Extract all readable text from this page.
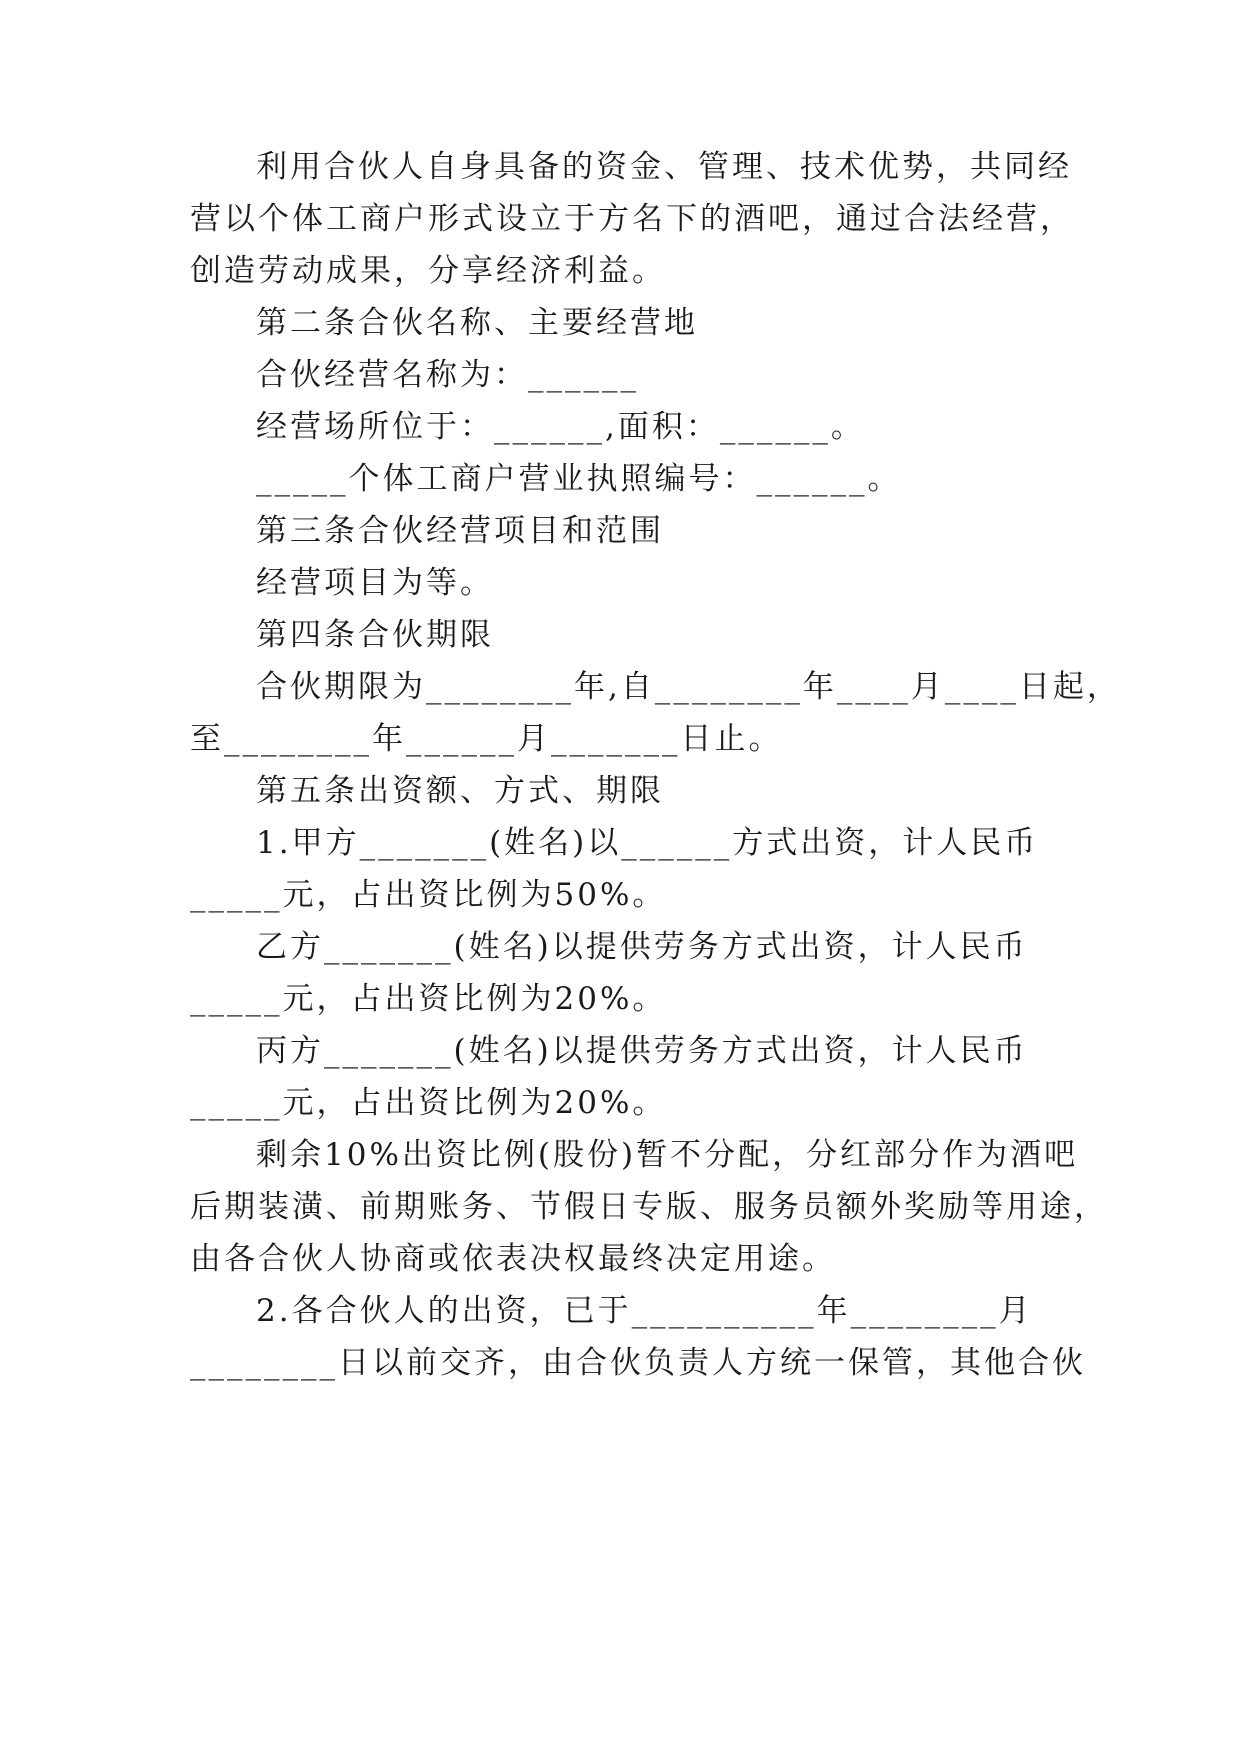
利用合伙人自身具备的资金、管理、技术优势，共同经
营以个体工商户形式设立于方名下的酒吧，通过合法经营，
创造劳动成果，分享经济利益。
第二条合伙名称、主要经营地
合伙经营名称为：______
经营场所位于：______,面积：______。
_____个体工商户营业执照编号：______。
第三条合伙经营项目和范围
经营项目为等。
第四条合伙期限
合伙期限为________年,自________年____月____日起，
至________年______月_______日止。
第五条出资额、方式、期限
1.甲方_______(姓名)以______方式出资，计人民币
_____元，占出资比例为50%。
乙方_______(姓名)以提供劳务方式出资，计人民币
_____元，占出资比例为20%。
丙方_______(姓名)以提供劳务方式出资，计人民币
_____元，占出资比例为20%。
剩余10%出资比例(股份)暂不分配，分红部分作为酒吧
后期装潢、前期账务、节假日专版、服务员额外奖励等用途，
由各合伙人协商或依表决权最终决定用途。
2.各合伙人的出资，已于__________年________月
________日以前交齐，由合伙负责人方统一保管，其他合伙
